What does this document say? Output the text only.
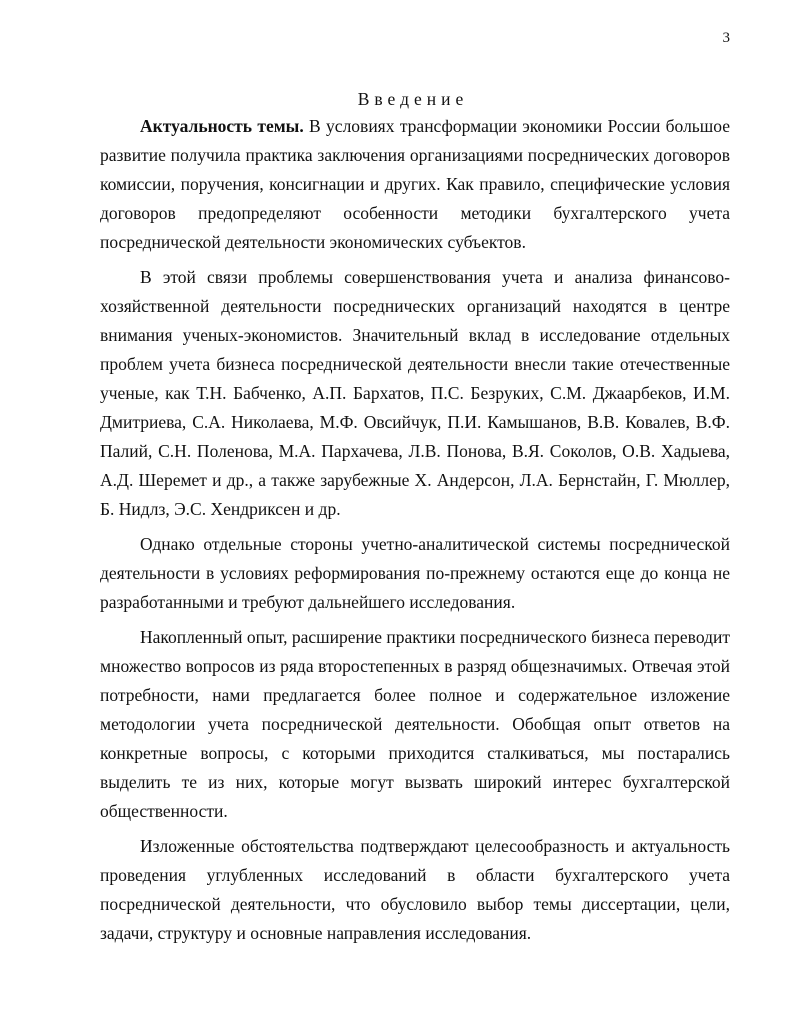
3
Введение

Актуальность темы. В условиях трансформации экономики России большое развитие получила практика заключения организациями посреднических договоров комиссии, поручения, консигнации и других. Как правило, специфические условия договоров предопределяют особенности методики бухгалтерского учета посреднической деятельности экономических субъектов.

В этой связи проблемы совершенствования учета и анализа финансово-хозяйственной деятельности посреднических организаций находятся в центре внимания ученых-экономистов. Значительный вклад в исследование отдельных проблем учета бизнеса посреднической деятельности внесли такие отечественные ученые, как Т.Н. Бабченко, А.П. Бархатов, П.С. Безруких, С.М. Джаарбеков, И.М. Дмитриева, С.А. Николаева, М.Ф. Овсийчук, П.И. Камышанов, В.В. Ковалев, В.Ф. Палий, С.Н. Поленова, М.А. Пархачева, Л.В. Понова, В.Я. Соколов, О.В. Хадыева, А.Д. Шеремет и др., а также зарубежные Х. Андерсон, Л.А. Бернстайн, Г. Мюллер, Б. Нидлз, Э.С. Хендриксен и др.

Однако отдельные стороны учетно-аналитической системы посреднической деятельности в условиях реформирования по-прежнему остаются еще до конца не разработанными и требуют дальнейшего исследования.

Накопленный опыт, расширение практики посреднического бизнеса переводит множество вопросов из ряда второстепенных в разряд общезначимых. Отвечая этой потребности, нами предлагается более полное и содержательное изложение методологии учета посреднической деятельности. Обобщая опыт ответов на конкретные вопросы, с которыми приходится сталкиваться, мы постарались выделить те из них, которые могут вызвать широкий интерес бухгалтерской общественности.

Изложенные обстоятельства подтверждают целесообразность и актуальность проведения углубленных исследований в области бухгалтерского учета посреднической деятельности, что обусловило выбор темы диссертации, цели, задачи, структуру и основные направления исследования.
